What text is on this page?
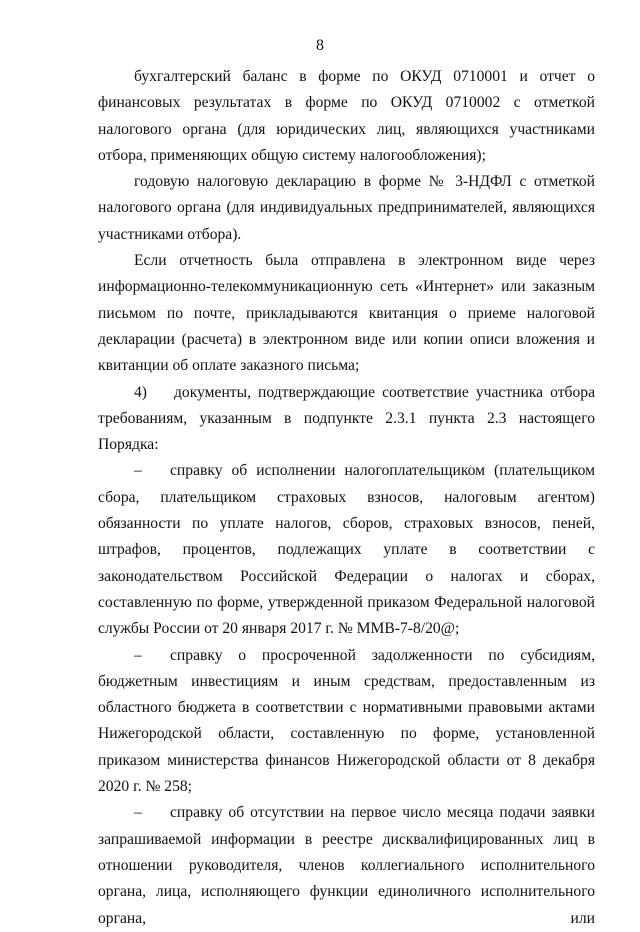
8

бухгалтерский баланс в форме по ОКУД 0710001 и отчет о финансовых результатах в форме по ОКУД 0710002 с отметкой налогового органа (для юридических лиц, являющихся участниками отбора, применяющих общую систему налогообложения);

годовую налоговую декларацию в форме № 3-НДФЛ с отметкой налогового органа (для индивидуальных предпринимателей, являющихся участниками отбора).

Если отчетность была отправлена в электронном виде через информационно-телекоммуникационную сеть «Интернет» или заказным письмом по почте, прикладываются квитанция о приеме налоговой декларации (расчета) в электронном виде или копии описи вложения и квитанции об оплате заказного письма;

4) документы, подтверждающие соответствие участника отбора требованиям, указанным в подпункте 2.3.1 пункта 2.3 настоящего Порядка:

– справку об исполнении налогоплательщиком (плательщиком сбора, плательщиком страховых взносов, налоговым агентом) обязанности по уплате налогов, сборов, страховых взносов, пеней, штрафов, процентов, подлежащих уплате в соответствии с законодательством Российской Федерации о налогах и сборах, составленную по форме, утвержденной приказом Федеральной налоговой службы России от 20 января 2017 г. № ММВ-7-8/20@;

– справку о просроченной задолженности по субсидиям, бюджетным инвестициям и иным средствам, предоставленным из областного бюджета в соответствии с нормативными правовыми актами Нижегородской области, составленную по форме, установленной приказом министерства финансов Нижегородской области от 8 декабря 2020 г. № 258;

– справку об отсутствии на первое число месяца подачи заявки запрашиваемой информации в реестре дисквалифицированных лиц в отношении руководителя, членов коллегиального исполнительного органа, лица, исполняющего функции единоличного исполнительного органа, или
